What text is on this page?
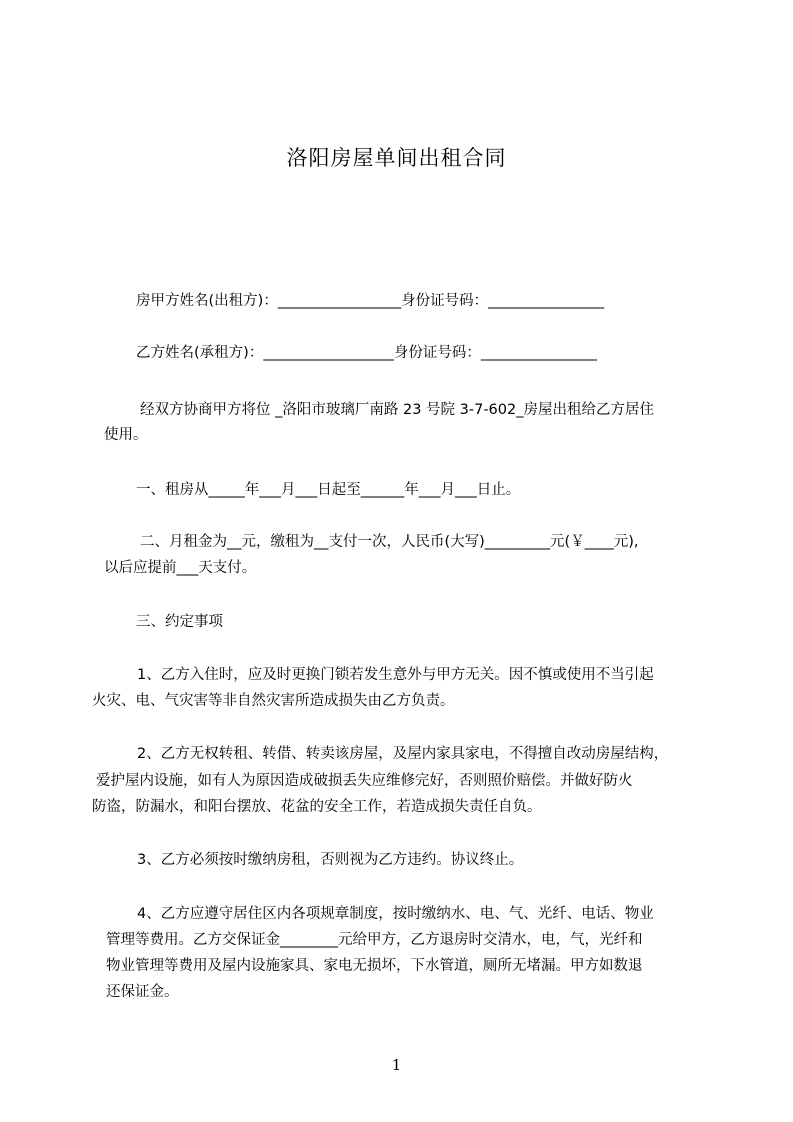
洛阳房屋单间出租合同

房甲方姓名(出租方)：_________________身份证号码：________________

乙方姓名(承租方)：__________________身份证号码：________________

经双方协商甲方将位 _洛阳市玻璃厂南路 23 号院 3-7-602_房屋出租给乙方居住

使用。

一、租房从_____年___月___日起至______年___月___日止。

二、月租金为__元，缴租为__支付一次，人民币(大写)_________元(￥____元),

以后应提前___天支付。

三、约定事项

1、乙方入住时，应及时更换门锁若发生意外与甲方无关。因不慎或使用不当引起

火灾、电、气灾害等非自然灾害所造成损失由乙方负责。

2、乙方无权转租、转借、转卖该房屋，及屋内家具家电，不得擅自改动房屋结构，

爱护屋内设施，如有人为原因造成破损丢失应维修完好，否则照价赔偿。并做好防火

防盗，防漏水，和阳台摆放、花盆的安全工作，若造成损失责任自负。

3、乙方必须按时缴纳房租，否则视为乙方违约。协议终止。

4、乙方应遵守居住区内各项规章制度，按时缴纳水、电、气、光纤、电话、物业

管理等费用。乙方交保证金________元给甲方，乙方退房时交清水，电，气，光纤和

物业管理等费用及屋内设施家具、家电无损坏，下水管道，厕所无堵漏。甲方如数退

还保证金。

1
